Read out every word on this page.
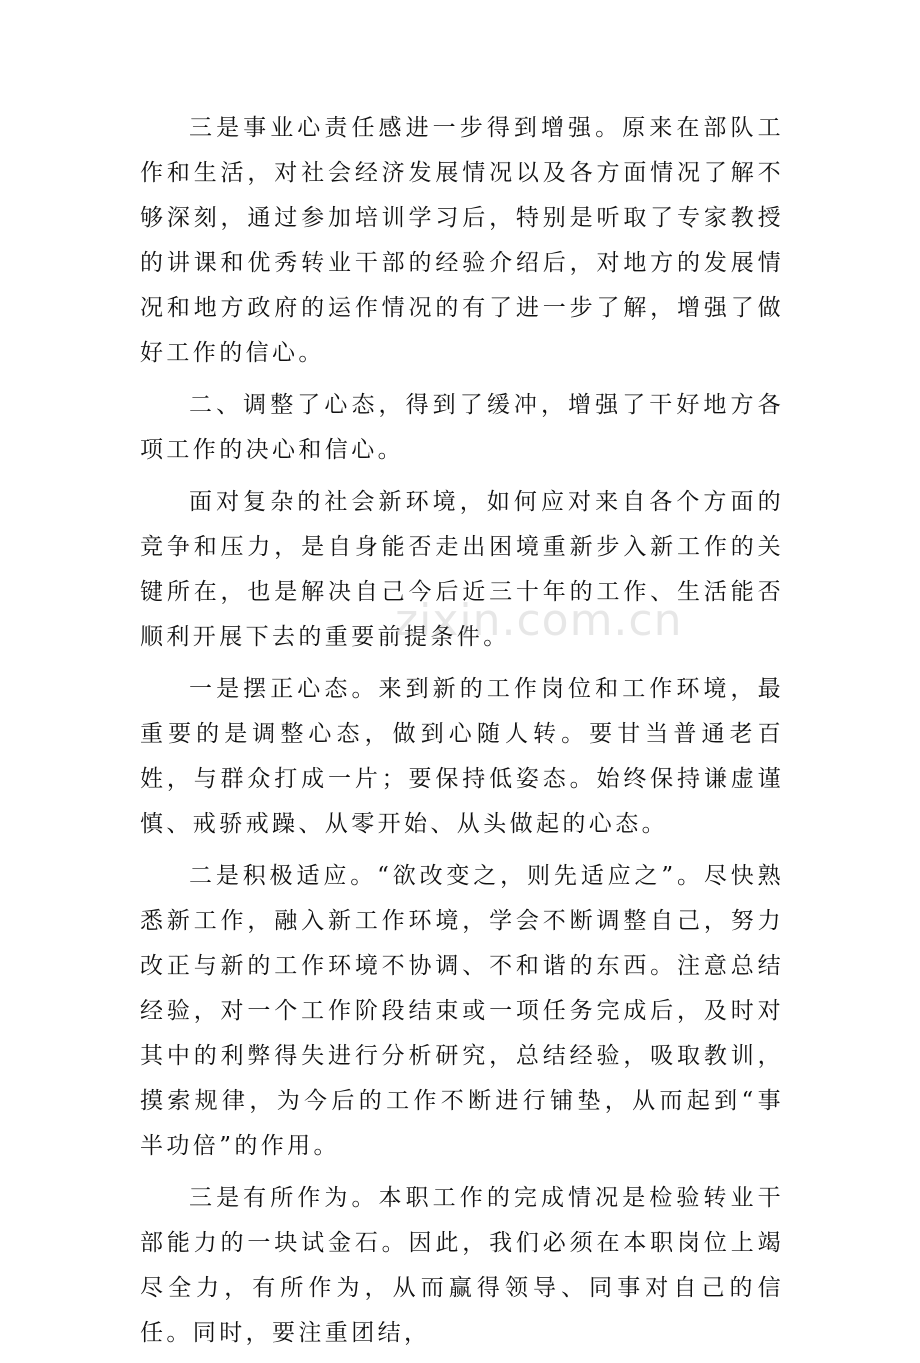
三是事业心责任感进一步得到增强。原来在部队工作和生活，对社会经济发展情况以及各方面情况了解不够深刻，通过参加培训学习后，特别是听取了专家教授的讲课和优秀转业干部的经验介绍后，对地方的发展情况和地方政府的运作情况的有了进一步了解，增强了做好工作的信心。

二、调整了心态，得到了缓冲，增强了干好地方各项工作的决心和信心。

面对复杂的社会新环境，如何应对来自各个方面的竞争和压力，是自身能否走出困境重新步入新工作的关键所在，也是解决自己今后近三十年的工作、生活能否顺利开展下去的重要前提条件。

一是摆正心态。来到新的工作岗位和工作环境，最重要的是调整心态，做到心随人转。要甘当普通老百姓，与群众打成一片；要保持低姿态。始终保持谦虚谨慎、戒骄戒躁、从零开始、从头做起的心态。

二是积极适应。“欲改变之，则先适应之”。尽快熟悉新工作，融入新工作环境，学会不断调整自己，努力改正与新的工作环境不协调、不和谐的东西。注意总结经验，对一个工作阶段结束或一项任务完成后，及时对其中的利弊得失进行分析研究，总结经验，吸取教训，摸索规律，为今后的工作不断进行铺垫，从而起到“事半功倍”的作用。

三是有所作为。本职工作的完成情况是检验转业干部能力的一块试金石。因此，我们必须在本职岗位上竭尽全力，有所作为，从而赢得领导、同事对自己的信任。同时，要注重团结，

zixin.com.cn
